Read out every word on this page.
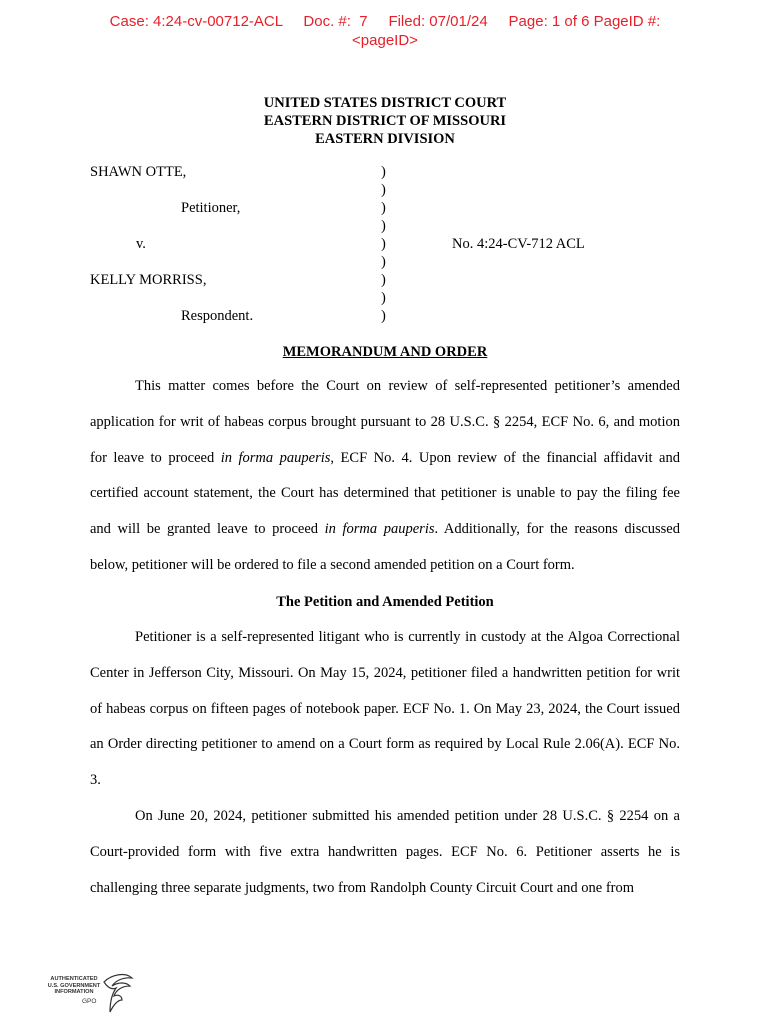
Case: 4:24-cv-00712-ACL Doc. #:  7 Filed: 07/01/24 Page: 1 of 6 PageID #:
<pageID>
UNITED STATES DISTRICT COURT
EASTERN DISTRICT OF MISSOURI
EASTERN DIVISION
SHAWN OTTE,	)
)
Petitioner,	)
)
v.	)	No. 4:24-CV-712 ACL
)
KELLY MORRISS,	)
)
Respondent.	)
MEMORANDUM AND ORDER

This matter comes before the Court on review of self-represented petitioner’s amended application for writ of habeas corpus brought pursuant to 28 U.S.C. § 2254, ECF No. 6, and motion for leave to proceed in forma pauperis, ECF No. 4. Upon review of the financial affidavit and certified account statement, the Court has determined that petitioner is unable to pay the filing fee and will be granted leave to proceed in forma pauperis. Additionally, for the reasons discussed below, petitioner will be ordered to file a second amended petition on a Court form.

The Petition and Amended Petition

Petitioner is a self-represented litigant who is currently in custody at the Algoa Correctional Center in Jefferson City, Missouri. On May 15, 2024, petitioner filed a handwritten petition for writ of habeas corpus on fifteen pages of notebook paper. ECF No. 1. On May 23, 2024, the Court issued an Order directing petitioner to amend on a Court form as required by Local Rule 2.06(A). ECF No. 3.

On June 20, 2024, petitioner submitted his amended petition under 28 U.S.C. § 2254 on a Court-provided form with five extra handwritten pages. ECF No. 6. Petitioner asserts he is challenging three separate judgments, two from Randolph County Circuit Court and one from

AUTHENTICATED
U.S. GOVERNMENT
INFORMATION
GPO
